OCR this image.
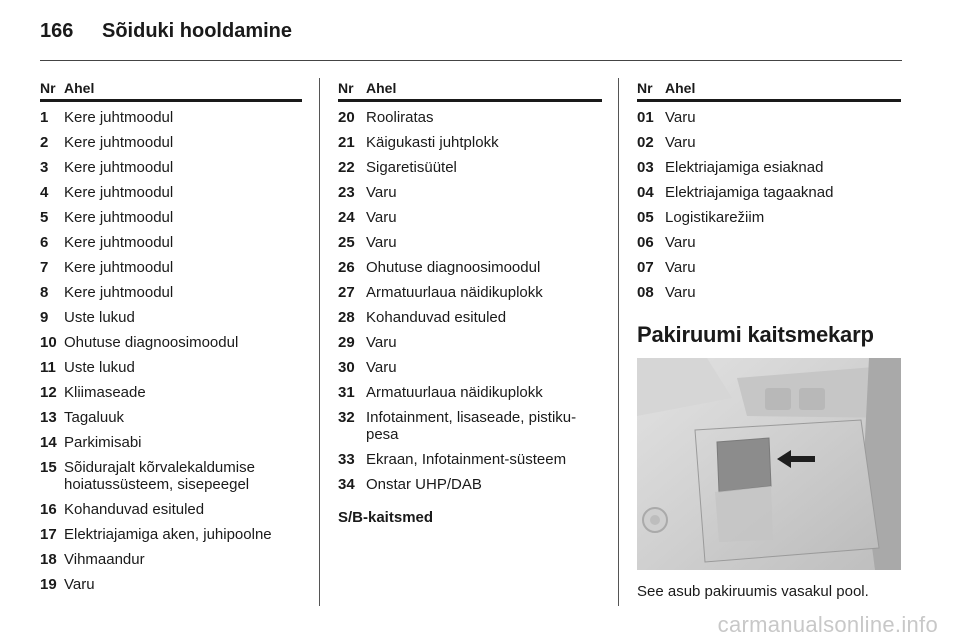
166 Sõiduki hooldamine
Nr	Ahel
1	Kere juhtmoodul
2	Kere juhtmoodul
3	Kere juhtmoodul
4	Kere juhtmoodul
5	Kere juhtmoodul
6	Kere juhtmoodul
7	Kere juhtmoodul
8	Kere juhtmoodul
9	Uste lukud
10	Ohutuse diagnoosimoodul
11	Uste lukud
12	Kliimaseade
13	Tagaluuk
14	Parkimisabi
15	Sõidurajalt kõrvalekaldumise
hoiatussüsteem, sisepeegel
16	Kohanduvad esituled
17	Elektriajamiga aken, juhipoolne
18	Vihmaandur
19	Varu
Nr	Ahel
20	Rooliratas
21	Käigukasti juhtplokk
22	Sigaretisüütel
23	Varu
24	Varu
25	Varu
26	Ohutuse diagnoosimoodul
27	Armatuurlaua näidikuplokk
28	Kohanduvad esituled
29	Varu
30	Varu
31	Armatuurlaua näidikuplokk
32	Infotainment, lisaseade, pistiku-
pesa
33	Ekraan, Infotainment-süsteem
34	Onstar UHP/DAB
S/B-kaitsmed
Nr	Ahel
01	Varu
02	Varu
03	Elektriajamiga esiaknad
04	Elektriajamiga tagaaknad
05	Logistikarežiim
06	Varu
07	Varu
08	Varu
Pakiruumi kaitsmekarp
See asub pakiruumis vasakul pool.
carmanualsonline.info
